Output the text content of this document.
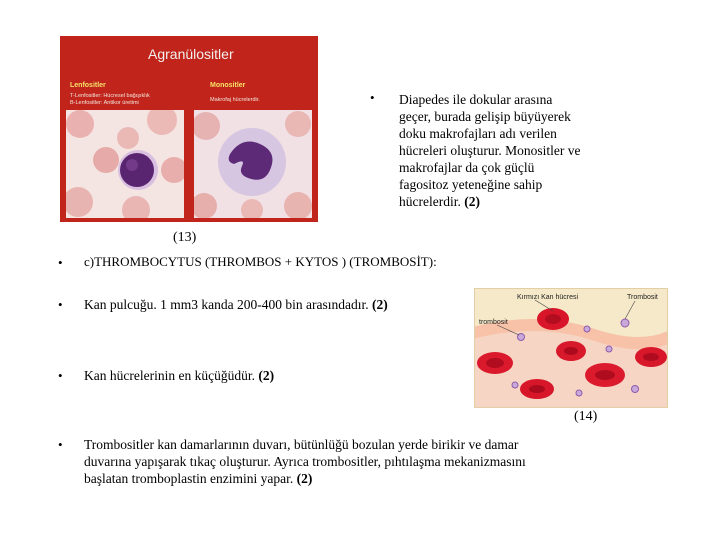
Agranülositler
Lenfositler
T-Lenfositler: Hücresel bağışıklık
B-Lenfositler: Antikor üretimi
Monositler
Makrofaj hücrelerdir.	• Diapedes ile dokular arasına
geçer, burada gelişip büyüyerek
doku makrofajları adı verilen
hücreleri oluşturur. Monositler ve
makrofajlar da çok güçlü
fagositoz yeteneğine sahip
hücrelerdir. (2)
(13)
• c)THROMBOCYTUS (THROMBOS + KYTOS ) (TROMBOSİT):
• Kan pulcuğu. 1 mm3 kanda 200-400 bin arasındadır. (2)
• Kan hücrelerinin en küçüğüdür. (2)
Kırmızı Kan hücresi	Trombosit
trombosit
(14)
• Trombositler kan damarlarının duvarı, bütünlüğü bozulan yerde birikir ve damar
duvarına yapışarak tıkaç oluşturur. Ayrıca trombositler, pıhtılaşma mekanizmasını
başlatan tromboplastin enzimini yapar. (2)
